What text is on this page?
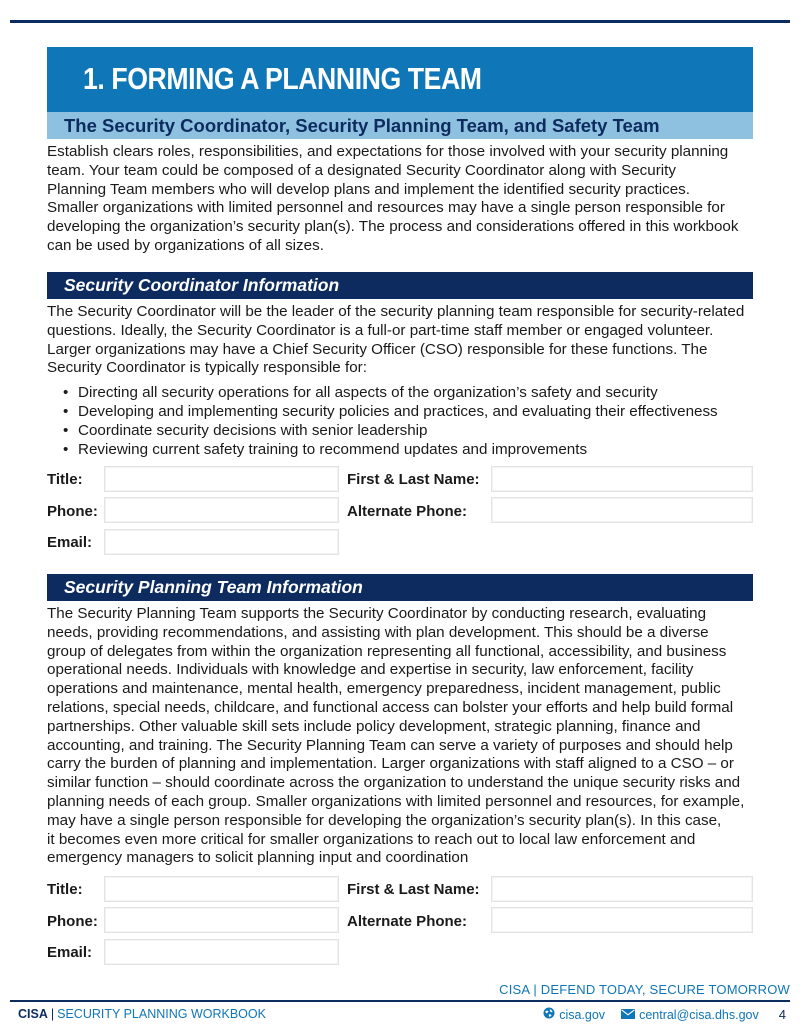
1. FORMING A PLANNING TEAM
The Security Coordinator, Security Planning Team, and Safety Team
Establish clears roles, responsibilities, and expectations for those involved with your security planning
team. Your team could be composed of a designated Security Coordinator along with Security
Planning Team members who will develop plans and implement the identified security practices.
Smaller organizations with limited personnel and resources may have a single person responsible for
developing the organization’s security plan(s). The process and considerations offered in this workbook
can be used by organizations of all sizes.
Security Coordinator Information
The Security Coordinator will be the leader of the security planning team responsible for security-related
questions. Ideally, the Security Coordinator is a full-or part-time staff member or engaged volunteer.
Larger organizations may have a Chief Security Officer (CSO) responsible for these functions. The
Security Coordinator is typically responsible for:
• Directing all security operations for all aspects of the organization’s safety and security
• Developing and implementing security policies and practices, and evaluating their effectiveness
• Coordinate security decisions with senior leadership
• Reviewing current safety training to recommend updates and improvements
Title:	First & Last Name:
Phone:	Alternate Phone:
Email:
Security Planning Team Information
The Security Planning Team supports the Security Coordinator by conducting research, evaluating
needs, providing recommendations, and assisting with plan development. This should be a diverse
group of delegates from within the organization representing all functional, accessibility, and business
operational needs. Individuals with knowledge and expertise in security, law enforcement, facility
operations and maintenance, mental health, emergency preparedness, incident management, public
relations, special needs, childcare, and functional access can bolster your efforts and help build formal
partnerships. Other valuable skill sets include policy development, strategic planning, finance and
accounting, and training. The Security Planning Team can serve a variety of purposes and should help
carry the burden of planning and implementation. Larger organizations with staff aligned to a CSO – or
similar function – should coordinate across the organization to understand the unique security risks and
planning needs of each group. Smaller organizations with limited personnel and resources, for example,
may have a single person responsible for developing the organization’s security plan(s). In this case,
it becomes even more critical for smaller organizations to reach out to local law enforcement and
emergency managers to solicit planning input and coordination
Title:	First & Last Name:
Phone:	Alternate Phone:
Email:
CISA | DEFEND TODAY, SECURE TOMORROW
CISA | SECURITY PLANNING WORKBOOK	cisa.gov	central@cisa.dhs.gov 4
